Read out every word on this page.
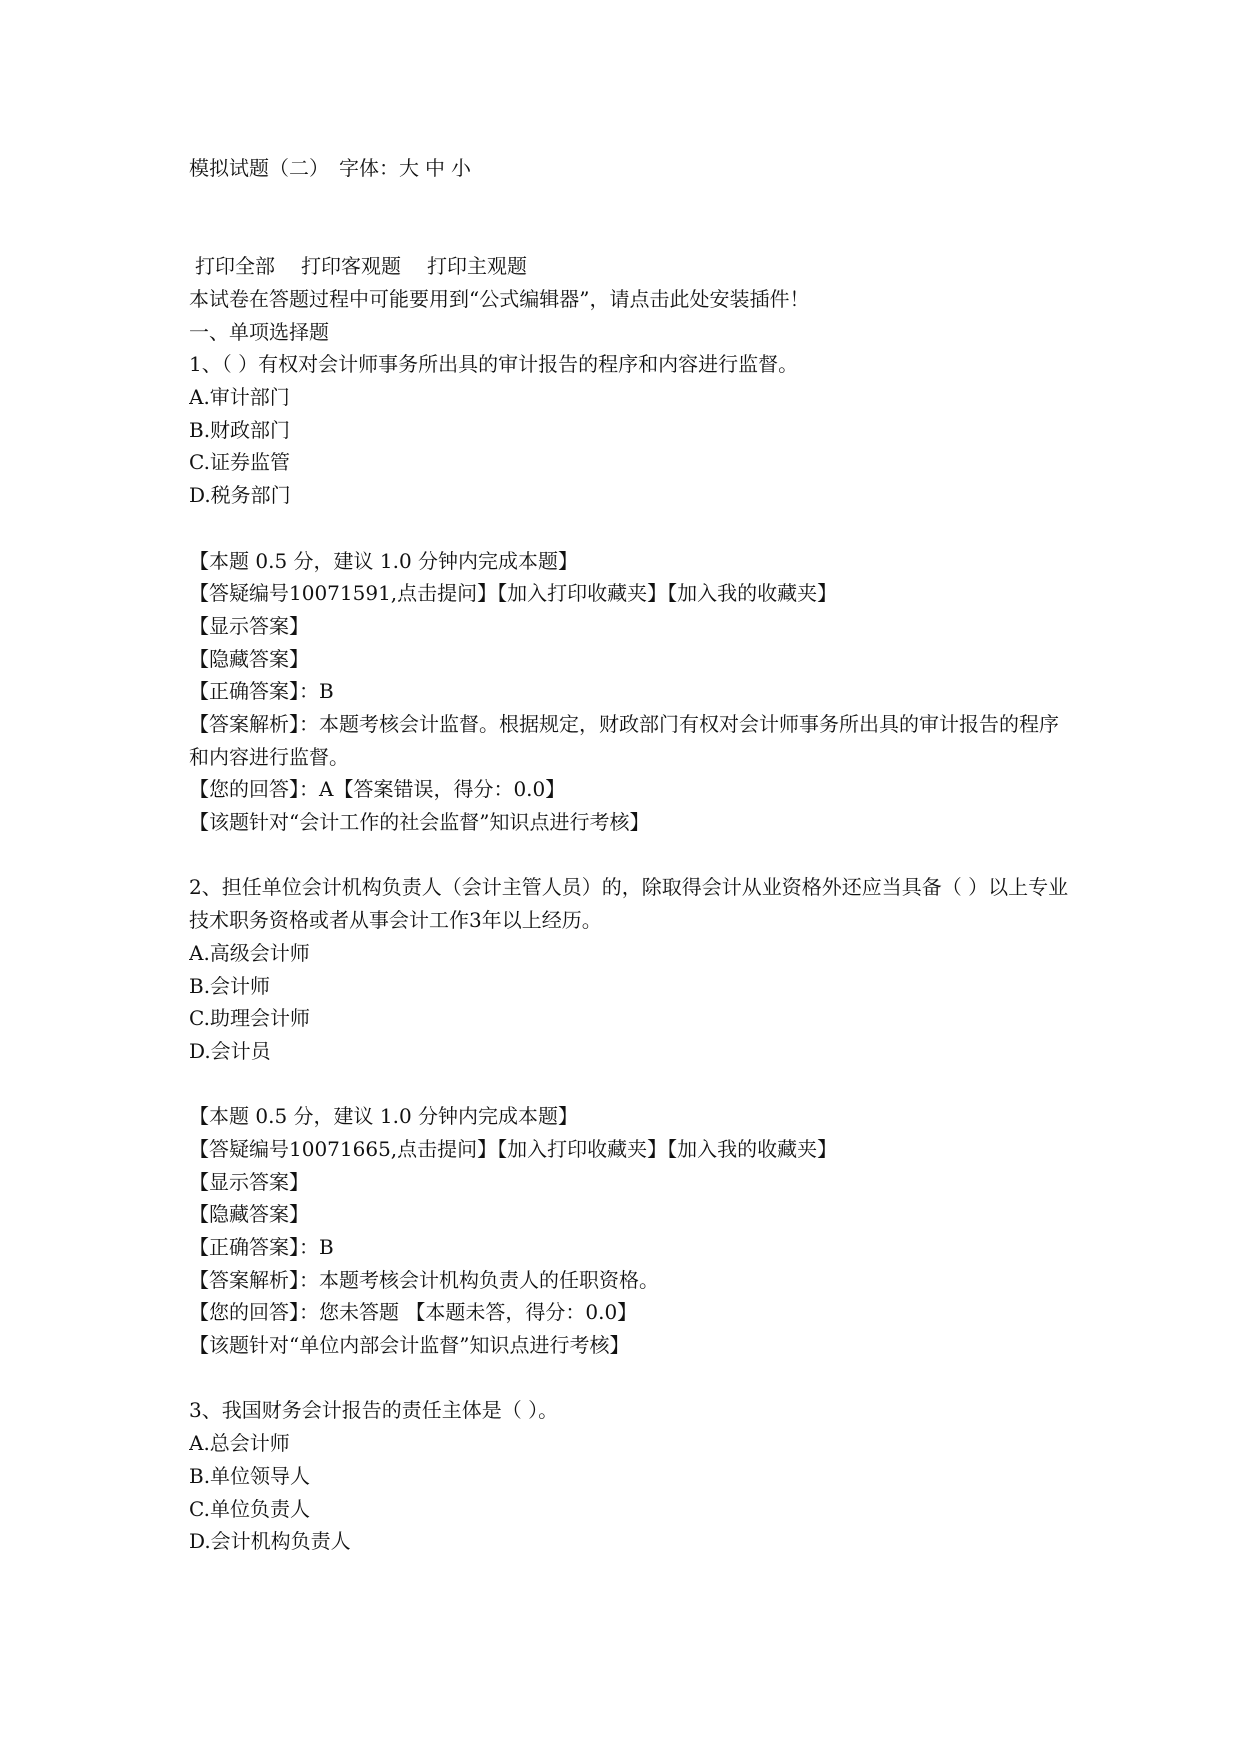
模拟试题（二） 字体：大 中 小
打印全部 打印客观题 打印主观题
本试卷在答题过程中可能要用到“公式编辑器”，请点击此处安装插件！
一、单项选择题
1、（ ）有权对会计师事务所出具的审计报告的程序和内容进行监督。
A.审计部门
B.财政部门
C.证券监管
D.税务部门
【本题 0.5 分，建议 1.0 分钟内完成本题】
【答疑编号10071591,点击提问】【加入打印收藏夹】【加入我的收藏夹】
【显示答案】
【隐藏答案】
【正确答案】：B
【答案解析】：本题考核会计监督。根据规定，财政部门有权对会计师事务所出具的审计报告的程序和内容进行监督。
【您的回答】：A【答案错误，得分：0.0】
【该题针对“会计工作的社会监督”知识点进行考核】
2、担任单位会计机构负责人（会计主管人员）的，除取得会计从业资格外还应当具备（ ）以上专业技术职务资格或者从事会计工作3年以上经历。
A.高级会计师
B.会计师
C.助理会计师
D.会计员
【本题 0.5 分，建议 1.0 分钟内完成本题】
【答疑编号10071665,点击提问】【加入打印收藏夹】【加入我的收藏夹】
【显示答案】
【隐藏答案】
【正确答案】：B
【答案解析】：本题考核会计机构负责人的任职资格。
【您的回答】：您未答题 【本题未答，得分：0.0】
【该题针对“单位内部会计监督”知识点进行考核】
3、我国财务会计报告的责任主体是（ ）。
A.总会计师
B.单位领导人
C.单位负责人
D.会计机构负责人
